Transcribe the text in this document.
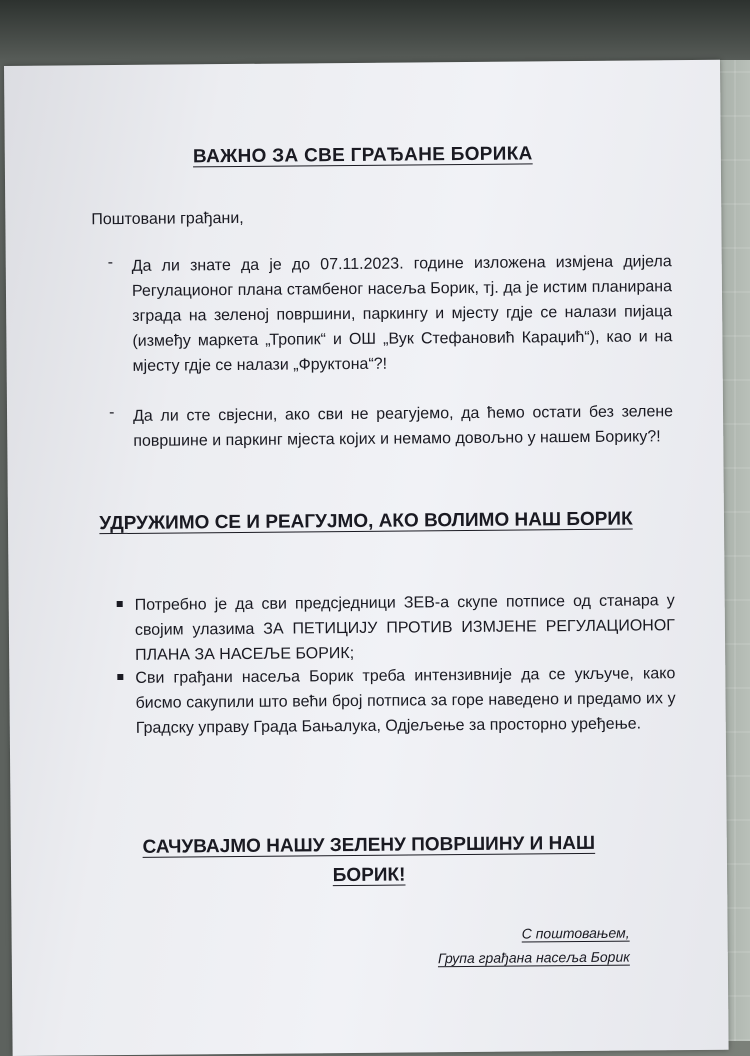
ВАЖНО ЗА СВЕ ГРАЂАНЕ БОРИКА
Поштовани грађани,
- Да ли знате да је до 07.11.2023. године изложена измјена дијела Регулационог плана стамбеног насеља Борик, тј. да је истим планирана зграда на зеленој површини, паркингу и мјесту гдје се налази пијаца (између маркета „Тропик“ и ОШ „Вук Стефановић Караџић“), као и на мјесту гдје се налази „Фруктона“?!
- Да ли сте свјесни, ако сви не реагујемо, да ћемо остати без зелене површине и паркинг мјеста којих и немамо довољно у нашем Борику?!
УДРУЖИМО СЕ И РЕАГУЈМО, АКО ВОЛИМО НАШ БОРИК
Потребно је да сви предсједници ЗЕВ-а скупе потписе од станара у својим улазима ЗА ПЕТИЦИЈУ ПРОТИВ ИЗМЈЕНЕ РЕГУЛАЦИОНОГ ПЛАНА ЗА НАСЕЉЕ БОРИК;
Сви грађани насеља Борик треба интензивније да се укључе, како бисмо сакупили што већи број потписа за горе наведено и предамо их у Градску управу Града Бањалука, Одјељење за просторно уређење.
САЧУВАЈМО НАШУ ЗЕЛЕНУ ПОВРШИНУ И НАШ БОРИК!
С поштовањем,
Група грађана насеља Борик
